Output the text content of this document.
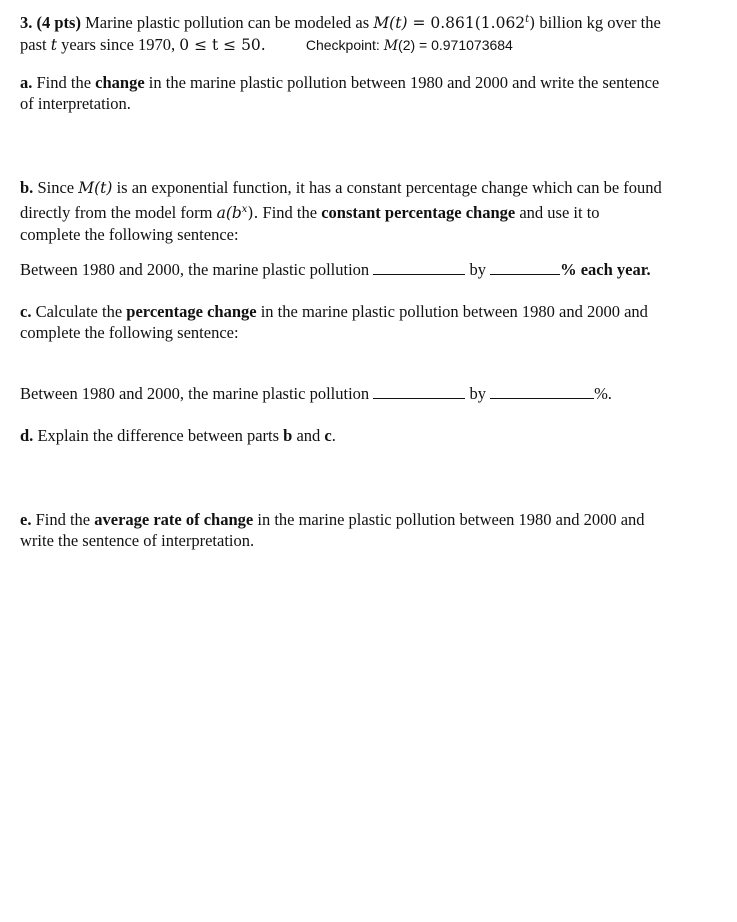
3. (4 pts) Marine plastic pollution can be modeled as $M(t) = 0.861(1.062^t)$ billion kg over the
past t years since 1970, 0 ≤ t ≤ 50.	Checkpoint: M(2) = 0.971073684
a. Find the change in the marine plastic pollution between 1980 and 2000 and write the sentence
of interpretation.
b. Since M(t) is an exponential function, it has a constant percentage change which can be found
directly from the model form $a(b^x)$. Find the constant percentage change and use it to
complete the following sentence:
Between 1980 and 2000, the marine plastic pollution	by	% each year.
c. Calculate the percentage change in the marine plastic pollution between 1980 and 2000 and
complete the following sentence:
Between 1980 and 2000, the marine plastic pollution	by	%.
d. Explain the difference between parts b and c.
e. Find the average rate of change in the marine plastic pollution between 1980 and 2000 and
write the sentence of interpretation.
